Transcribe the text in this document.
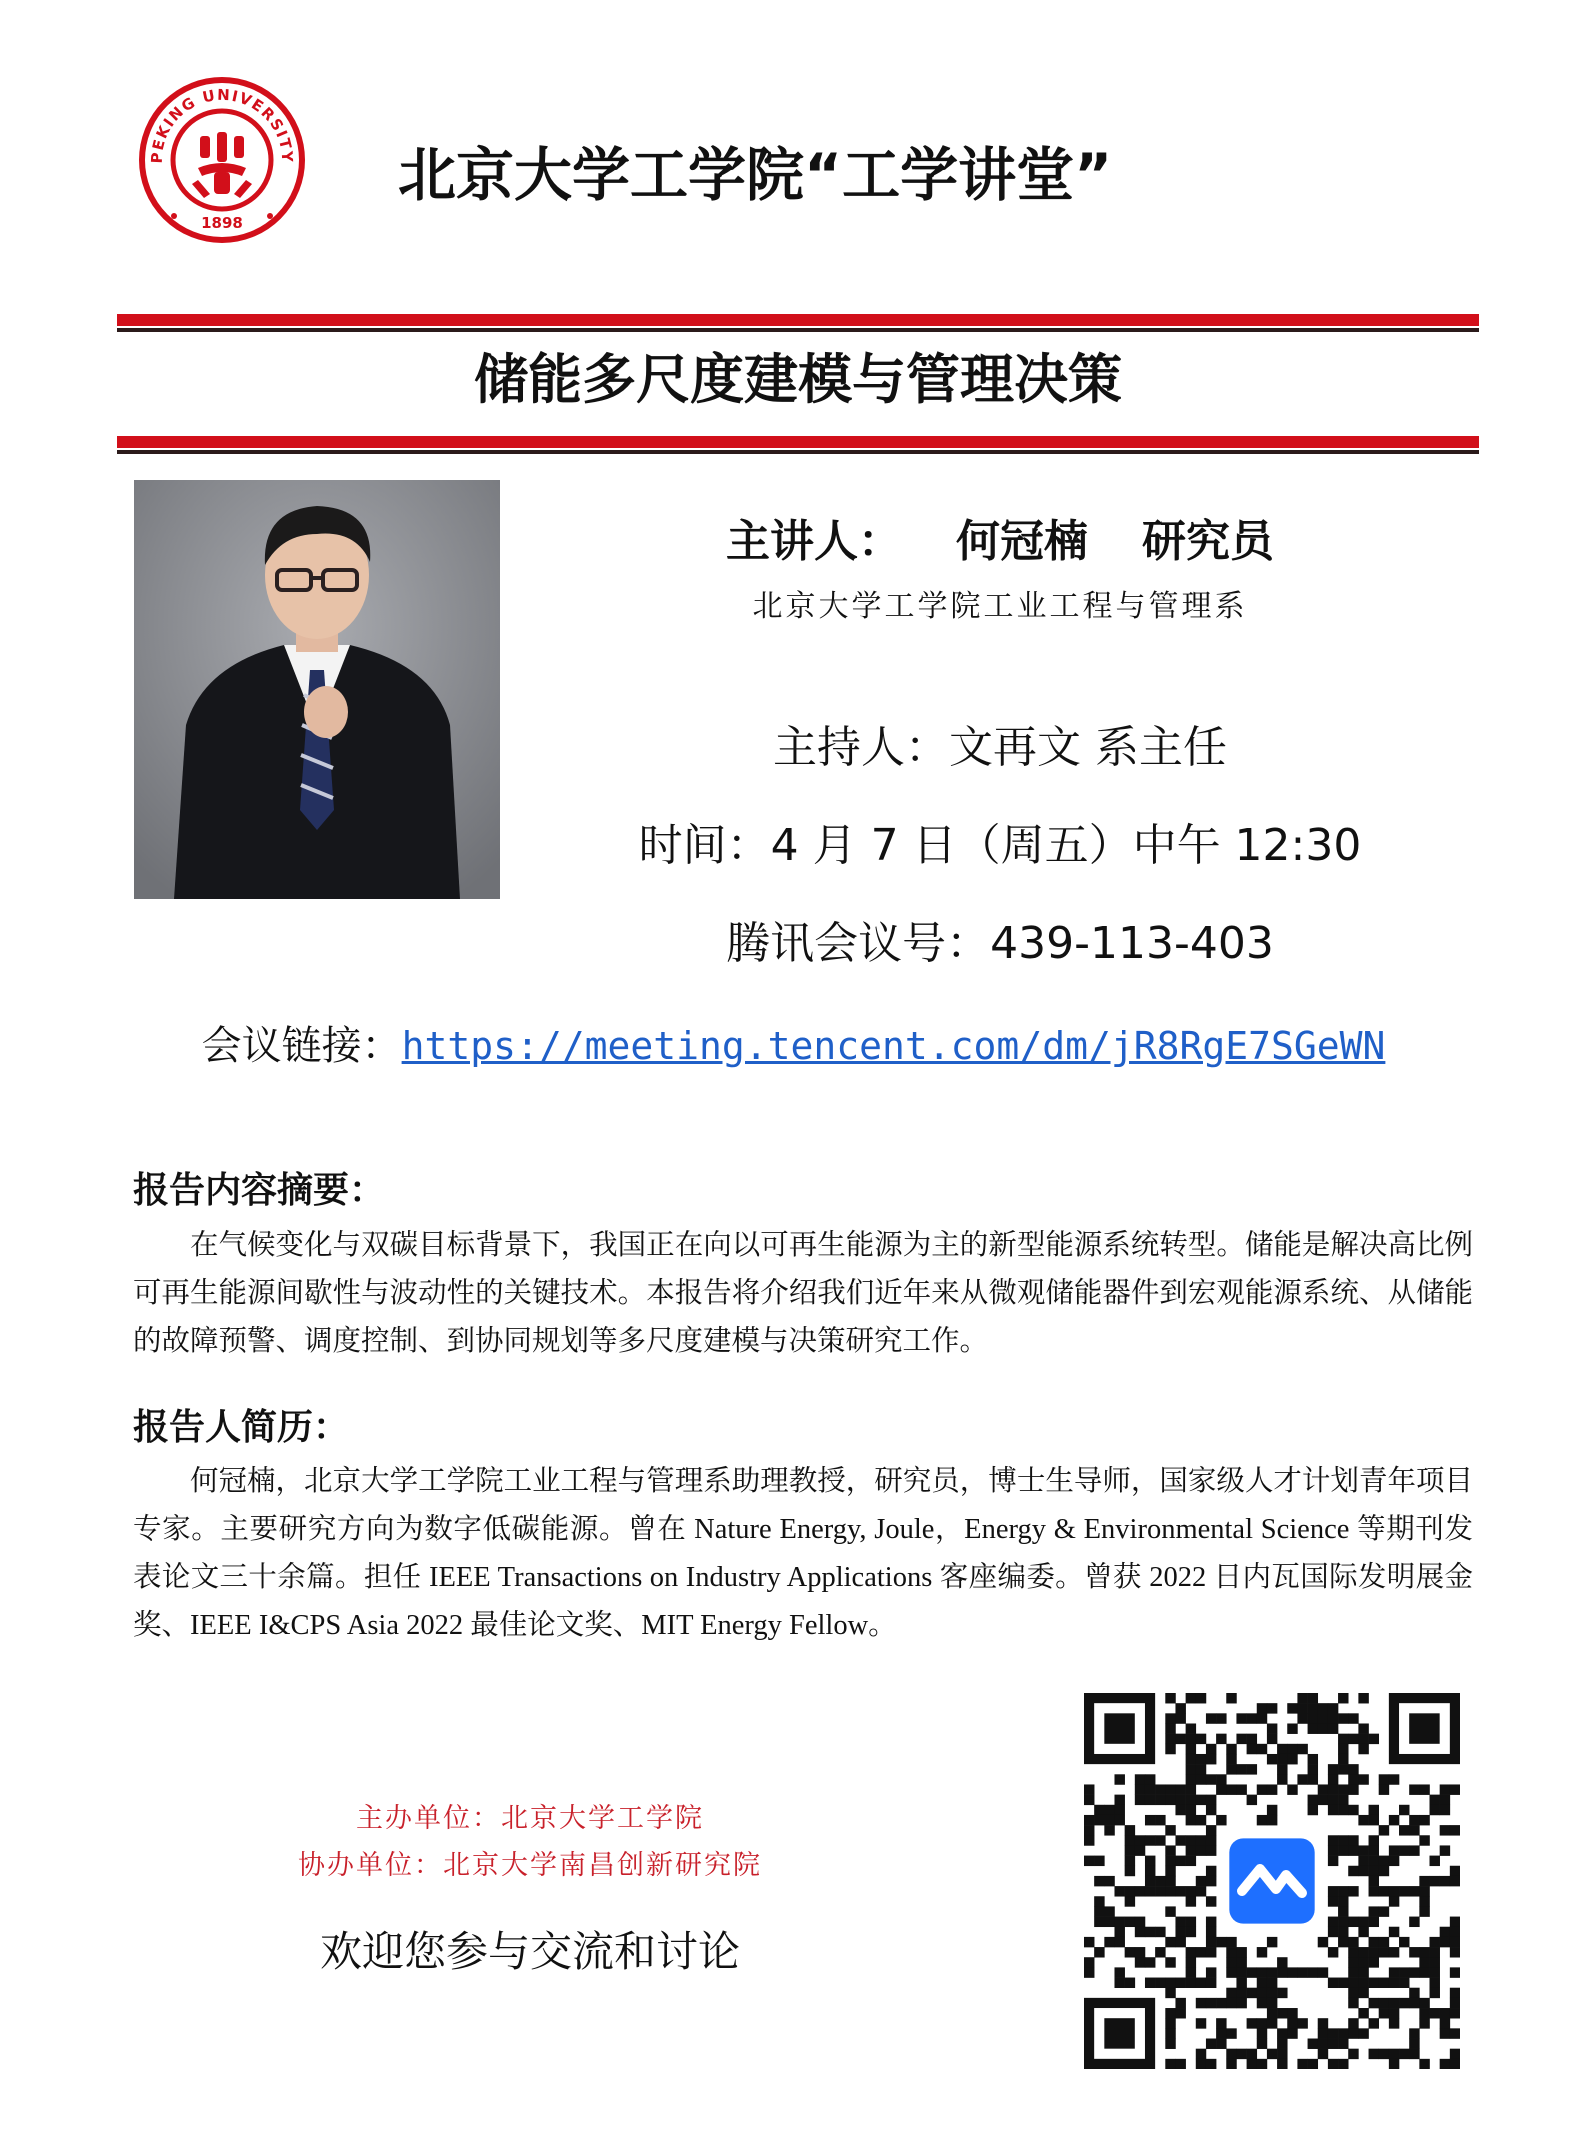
PEKING UNIVERSITY
1898
北京大学工学院“工学讲堂”
储能多尺度建模与管理决策
主讲人： 何冠楠 研究员
北京大学工学院工业工程与管理系
主持人：文再文 系主任
时间：4 月 7 日（周五）中午 12:30
腾讯会议号：439-113-403
会议链接：https://meeting.tencent.com/dm/jR8RgE7SGeWN
报告内容摘要：
在气候变化与双碳目标背景下，我国正在向以可再生能源为主的新型能源系统转型。储能是解决高比例可再生能源间歇性与波动性的关键技术。本报告将介绍我们近年来从微观储能器件到宏观能源系统、从储能的故障预警、调度控制、到协同规划等多尺度建模与决策研究工作。
报告人简历：
何冠楠，北京大学工学院工业工程与管理系助理教授，研究员，博士生导师，国家级人才计划青年项目专家。主要研究方向为数字低碳能源。曾在 Nature Energy, Joule，Energy & Environmental Science 等期刊发表论文三十余篇。担任 IEEE Transactions on Industry Applications 客座编委。曾获 2022 日内瓦国际发明展金奖、IEEE I&CPS Asia 2022 最佳论文奖、MIT Energy Fellow。
主办单位：北京大学工学院
协办单位：北京大学南昌创新研究院
欢迎您参与交流和讨论
